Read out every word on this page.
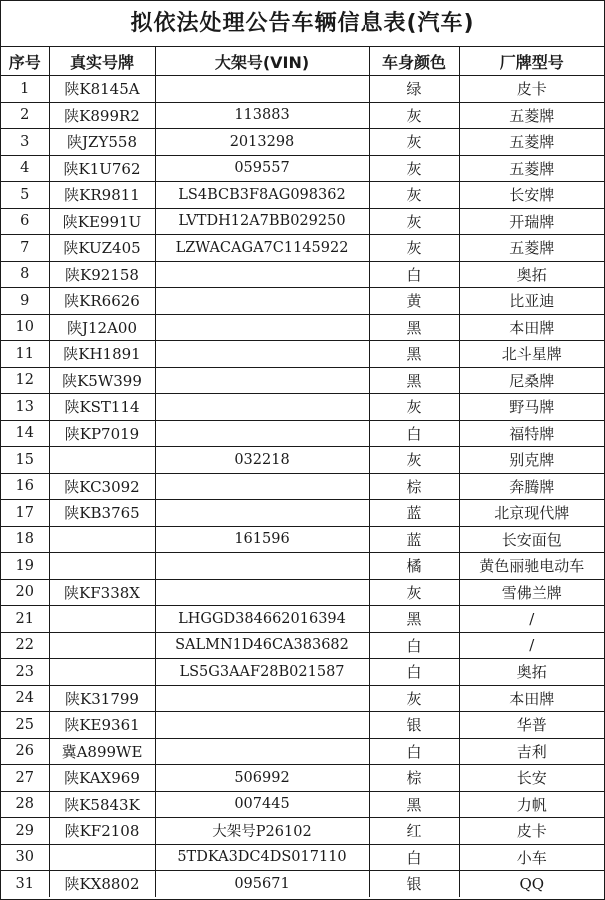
拟依法处理公告车辆信息表(汽车)
序号	真实号牌	大架号(VIN)	车身颜色	厂牌型号
1	陕K8145A		绿	皮卡
2	陕K899R2	113883	灰	五菱牌
3	陕JZY558	2013298	灰	五菱牌
4	陕K1U762	059557	灰	五菱牌
5	陕KR9811	LS4BCB3F8AG098362	灰	长安牌
6	陕KE991U	LVTDH12A7BB029250	灰	开瑞牌
7	陕KUZ405	LZWACAGA7C1145922	灰	五菱牌
8	陕K92158		白	奥拓
9	陕KR6626		黄	比亚迪
10	陕J12A00		黑	本田牌
11	陕KH1891		黑	北斗星牌
12	陕K5W399		黑	尼桑牌
13	陕KST114		灰	野马牌
14	陕KP7019		白	福特牌
15		032218	灰	别克牌
16	陕KC3092		棕	奔腾牌
17	陕KB3765		蓝	北京现代牌
18		161596	蓝	长安面包
19			橘	黄色丽驰电动车
20	陕KF338X		灰	雪佛兰牌
21		LHGGD384662016394	黑	/
22		SALMN1D46CA383682	白	/
23		LS5G3AAF28B021587	白	奥拓
24	陕K31799		灰	本田牌
25	陕KE9361		银	华普
26	冀A899WE		白	吉利
27	陕KAX969	506992	棕	长安
28	陕K5843K	007445	黑	力帆
29	陕KF2108	大架号P26102	红	皮卡
30		5TDKA3DC4DS017110	白	小车
31	陕KX8802	095671	银	QQ
